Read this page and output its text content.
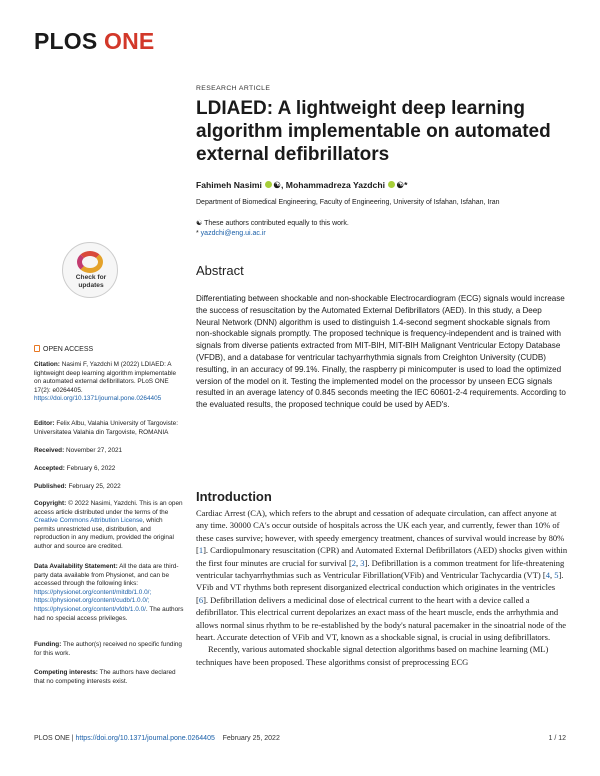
PLOS ONE
RESEARCH ARTICLE
LDIAED: A lightweight deep learning algorithm implementable on automated external defibrillators
Fahimeh Nasimi ☯, Mohammadreza Yazdchi ☯*
Department of Biomedical Engineering, Faculty of Engineering, University of Isfahan, Isfahan, Iran
☯ These authors contributed equally to this work.
* yazdchi@eng.ui.ac.ir
Check for
updates
OPEN ACCESS
Citation: Nasimi F, Yazdchi M (2022) LDIAED: A lightweight deep learning algorithm implementable on automated external defibrillators. PLoS ONE 17(2): e0264405. https://doi.org/10.1371/journal.pone.0264405
Editor: Felix Albu, Valahia University of Targoviste: Universitatea Valahia din Targoviste, ROMANIA
Received: November 27, 2021
Accepted: February 6, 2022
Published: February 25, 2022
Copyright: © 2022 Nasimi, Yazdchi. This is an open access article distributed under the terms of the Creative Commons Attribution License, which permits unrestricted use, distribution, and reproduction in any medium, provided the original author and source are credited.
Data Availability Statement: All the data are third-party data available from Physionet, and can be accessed through the following links: https://physionet.org/content/mitdb/1.0.0/; https://physionet.org/content/cudb/1.0.0/; https://physionet.org/content/vfdb/1.0.0/. The authors had no special access privileges.
Funding: The author(s) received no specific funding for this work.
Competing interests: The authors have declared that no competing interests exist.
Abstract

Differentiating between shockable and non-shockable Electrocardiogram (ECG) signals would increase the success of resuscitation by the Automated External Defibrillators (AED). In this study, a Deep Neural Network (DNN) algorithm is used to distinguish 1.4-second segment shockable signals from non-shockable signals promptly. The proposed technique is frequency-independent and is trained with signals from diverse patients extracted from MIT-BIH, MIT-BIH Malignant Ventricular Ectopy Database (VFDB), and a database for ventricular tachyarrhythmia signals from Creighton University (CUDB) resulting, in an accuracy of 99.1%. Finally, the raspberry pi minicomputer is used to load the optimized version of the model on it. Testing the implemented model on the processor by unseen ECG signals resulted in an average latency of 0.845 seconds meeting the IEC 60601-2-4 requirements. According to the evaluated results, the proposed technique could be used by AED's.

Introduction

Cardiac Arrest (CA), which refers to the abrupt and cessation of adequate circulation, can affect anyone at any time. 30000 CA's occur outside of hospitals across the UK each year, and currently, fewer than 10% of these cases survive; however, with speedy emergency treatment, chances of survival would increase by 80% [1]. Cardiopulmonary resuscitation (CPR) and Automated External Defibrillators (AED) shocks given within the first four minutes are crucial for survival [2, 3]. Defibrillation is a common treatment for life-threatening ventricular tachyarrhythmias such as Ventricular Fibrillation(VFib) and Ventricular Tachycardia (VT) [4, 5]. VFib and VT rhythms both represent disorganized electrical conduction which originates in the ventricles [6]. Defibrillation delivers a medicinal dose of electrical current to the heart with a device called a defibrillator. This electrical current depolarizes an exact mass of the heart muscle, ends the arrhythmia and allows normal sinus rhythm to be re-established by the body's natural pacemaker in the sinoatrial node of the heart. Accurate detection of VFib and VT, known as a shockable signal, is crucial in using defibrillators.

Recently, various automated shockable signal detection algorithms based on machine learning (ML) techniques have been proposed. These algorithms consist of preprocessing ECG

PLOS ONE | https://doi.org/10.1371/journal.pone.0264405 February 25, 2022	1 / 12
